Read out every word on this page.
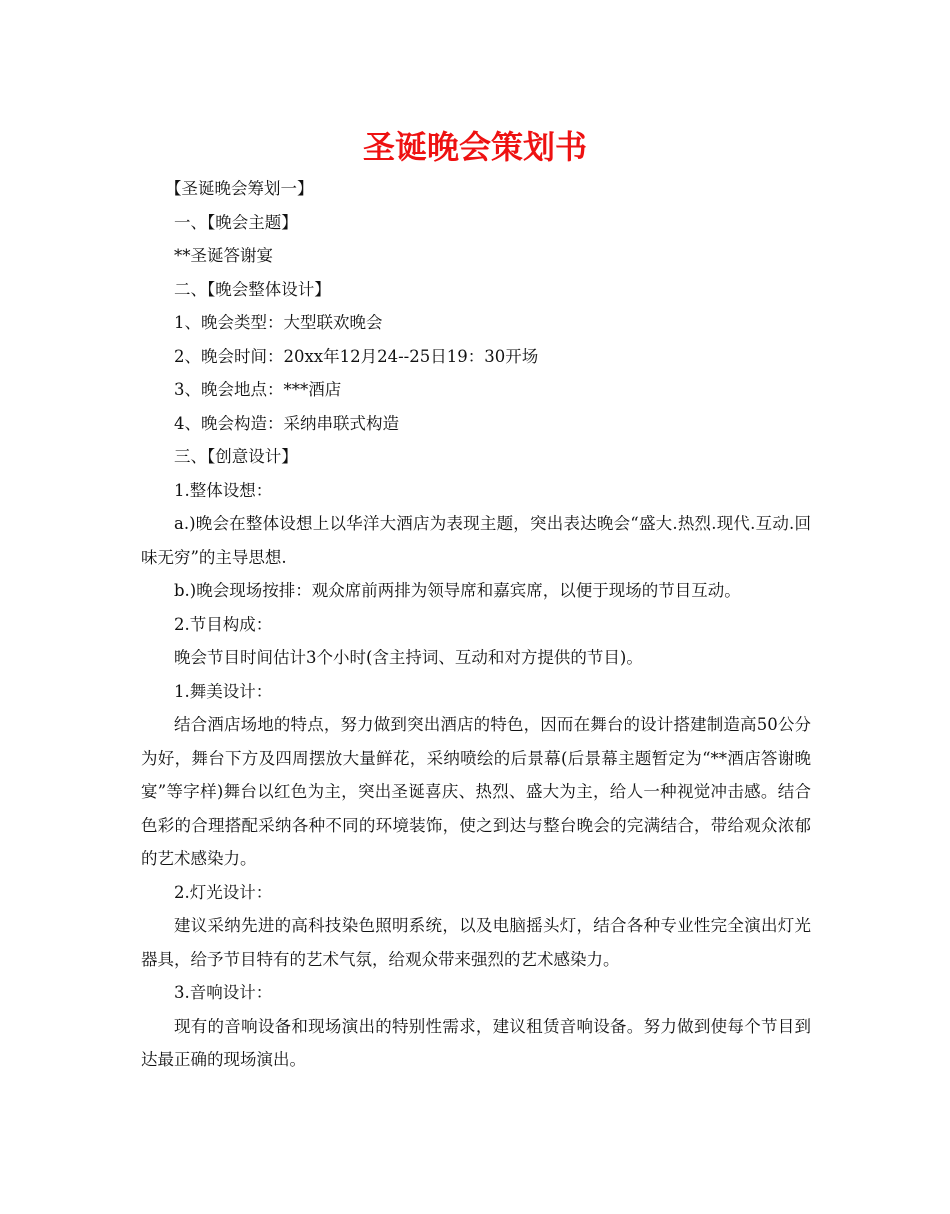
圣诞晚会策划书

【圣诞晚会筹划一】

一、【晚会主题】

**圣诞答谢宴

二、【晚会整体设计】

1、晚会类型：大型联欢晚会

2、晚会时间：20xx年12月24--25日19：30开场

3、晚会地点：***酒店

4、晚会构造：采纳串联式构造

三、【创意设计】

1.整体设想：

a.)晚会在整体设想上以华洋大酒店为表现主题，突出表达晚会“盛大.热烈.现代.互动.回味无穷”的主导思想.

b.)晚会现场按排：观众席前两排为领导席和嘉宾席，以便于现场的节目互动。

2.节目构成：

晚会节目时间估计3个小时(含主持词、互动和对方提供的节目)。

1.舞美设计：

结合酒店场地的特点，努力做到突出酒店的特色，因而在舞台的设计搭建制造高50公分为好，舞台下方及四周摆放大量鲜花，采纳喷绘的后景幕(后景幕主题暂定为“**酒店答谢晚宴”等字样)舞台以红色为主，突出圣诞喜庆、热烈、盛大为主，给人一种视觉冲击感。结合色彩的合理搭配采纳各种不同的环境装饰，使之到达与整台晚会的完满结合，带给观众浓郁的艺术感染力。

2.灯光设计：

建议采纳先进的高科技染色照明系统，以及电脑摇头灯，结合各种专业性完全演出灯光器具，给予节目特有的艺术气氛，给观众带来强烈的艺术感染力。

3.音响设计：

现有的音响设备和现场演出的特别性需求，建议租赁音响设备。努力做到使每个节目到达最正确的现场演出。
